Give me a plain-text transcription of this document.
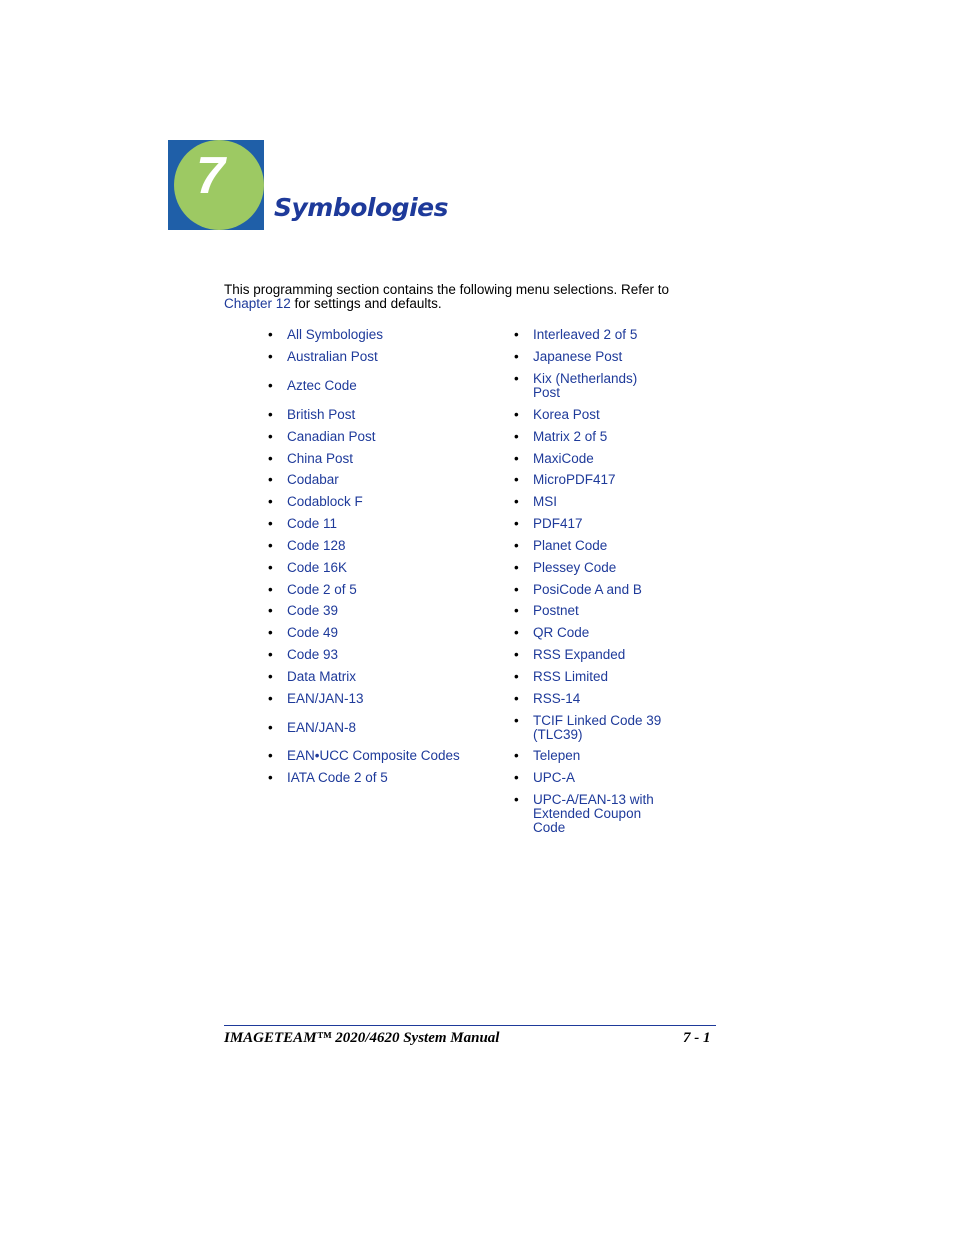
7
Symbologies
This programming section contains the following menu selections. Refer to Chapter 12 for settings and defaults.
• All Symbologies
• Australian Post
• Aztec Code
• British Post
• Canadian Post
• China Post
• Codabar
• Codablock F
• Code 11
• Code 128
• Code 16K
• Code 2 of 5
• Code 39
• Code 49
• Code 93
• Data Matrix
• EAN/JAN-13
• EAN/JAN-8
• EAN•UCC Composite Codes
• IATA Code 2 of 5
• Interleaved 2 of 5
• Japanese Post
• Kix (Netherlands)
Post
• Korea Post
• Matrix 2 of 5
• MaxiCode
• MicroPDF417
• MSI
• PDF417
• Planet Code
• Plessey Code
• PosiCode A and B
• Postnet
• QR Code
• RSS Expanded
• RSS Limited
• RSS-14
• TCIF Linked Code 39
(TLC39)
• Telepen
• UPC-A
• UPC-A/EAN-13 with
Extended Coupon
Code
IMAGETEAM™ 2020/4620 System Manual	7 - 1
